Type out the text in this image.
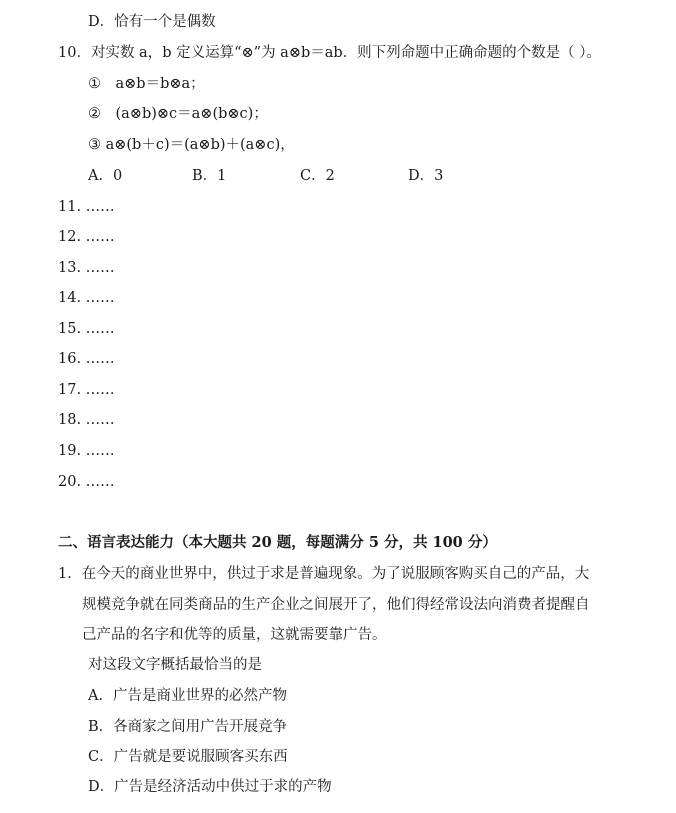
D．恰有一个是偶数
10．对实数 a，b 定义运算“⊗”为 a⊗b＝ab．则下列命题中正确命题的个数是（ ）。
①　a⊗b＝b⊗a；
②　(a⊗b)⊗c＝a⊗(b⊗c)；
③ a⊗(b＋c)＝(a⊗b)＋(a⊗c)，
A．0	B．1	C．2	D．3
11. ……
12. ……
13. ……
14. ……
15. ……
16. ……
17. ……
18. ……
19. ……
20. ……
二、语言表达能力（本大题共 20 题，每题满分 5 分，共 100 分）
1．在今天的商业世界中，供过于求是普遍现象。为了说服顾客购买自己的产品，大
规模竞争就在同类商品的生产企业之间展开了，他们得经常设法向消费者提醒自
己产品的名字和优等的质量，这就需要靠广告。
对这段文字概括最恰当的是
A．广告是商业世界的必然产物
B．各商家之间用广告开展竞争
C．广告就是要说服顾客买东西
D．广告是经济活动中供过于求的产物
